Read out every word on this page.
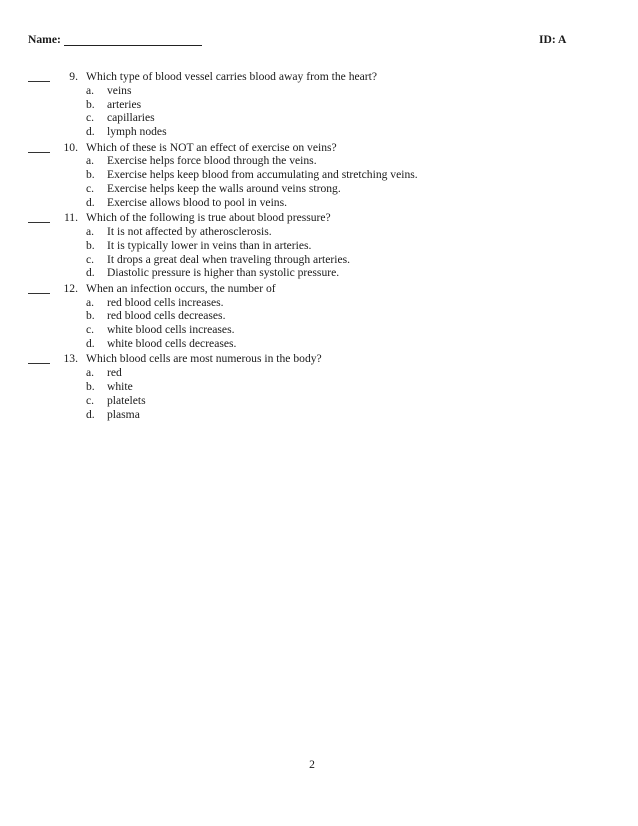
Name:	ID: A
9. Which type of blood vessel carries blood away from the heart?
a. veins
b. arteries
c. capillaries
d. lymph nodes
10. Which of these is NOT an effect of exercise on veins?
a. Exercise helps force blood through the veins.
b. Exercise helps keep blood from accumulating and stretching veins.
c. Exercise helps keep the walls around veins strong.
d. Exercise allows blood to pool in veins.
11. Which of the following is true about blood pressure?
a. It is not affected by atherosclerosis.
b. It is typically lower in veins than in arteries.
c. It drops a great deal when traveling through arteries.
d. Diastolic pressure is higher than systolic pressure.
12. When an infection occurs, the number of
a. red blood cells increases.
b. red blood cells decreases.
c. white blood cells increases.
d. white blood cells decreases.
13. Which blood cells are most numerous in the body?
a. red
b. white
c. platelets
d. plasma
2
